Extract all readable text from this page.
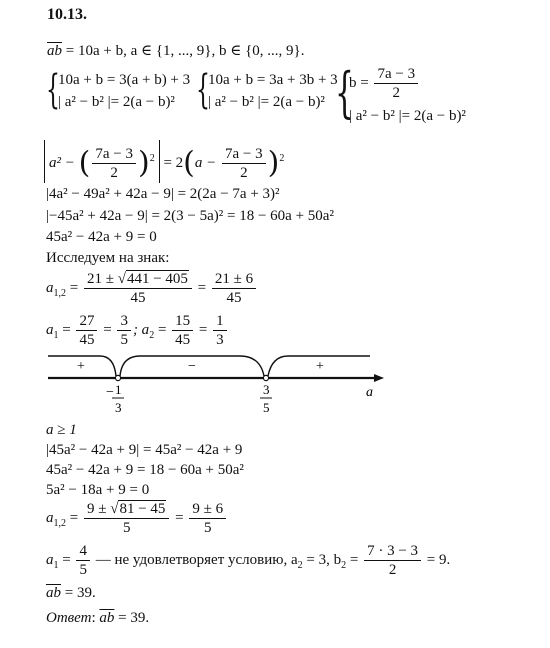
10.13.
$\overline{ab} = 10a + b$, a ∈ {1, ..., 9}, b ∈ {0, ..., 9}.
{
10a + b = 3(a + b) + 3
| a² − b² |= 2(a − b)² {
10a + b = 3a + 3b + 3
| a² − b² |= 2(a − b)² {
$b = \frac{7a - 3}{2}$
| a² − b² |= 2(a − b)²
a² − ( $\frac{7a - 3}{2} )^2 = 2(a - \frac{7a - 3}{2} )^2$
|4a² − 49a² + 42a − 9| = 2(2a − 7a + 3)²
|−45a² + 42a − 9| = 2(3 − 5a)² = 18 − 60a + 50a²
45a² − 42a + 9 = 0
Исследуем на знак:
$a_{1,2} = \frac{21 \pm √441 - 405}{45} = \frac{21 \pm 6}{45}$
$a_1 = \frac{27}{45} = \frac{3}{5}$ ; $a_2 = \frac{15}{45} = \frac{1}{3}$
+	−	+
a
− 1
3
3
5
a ≥ 1
|45a² − 42a + 9| = 45a² − 42a + 9
45a² − 42a + 9 = 18 − 60a + 50a²
5a² − 18a + 9 = 0
$a_{1,2} = \frac{9 \pm √81 - 45}{5} = \frac{9 \pm 6}{5}$
$a_1 = \frac{4}{5}$ — не удовлетворяет условию, $a_2 = 3$, $b_2 = \frac{7 \cdot 3 - 3}{2} = 9$.
$\overline{ab} = 39$.
Ответ: $\overline{ab} = 39$.
